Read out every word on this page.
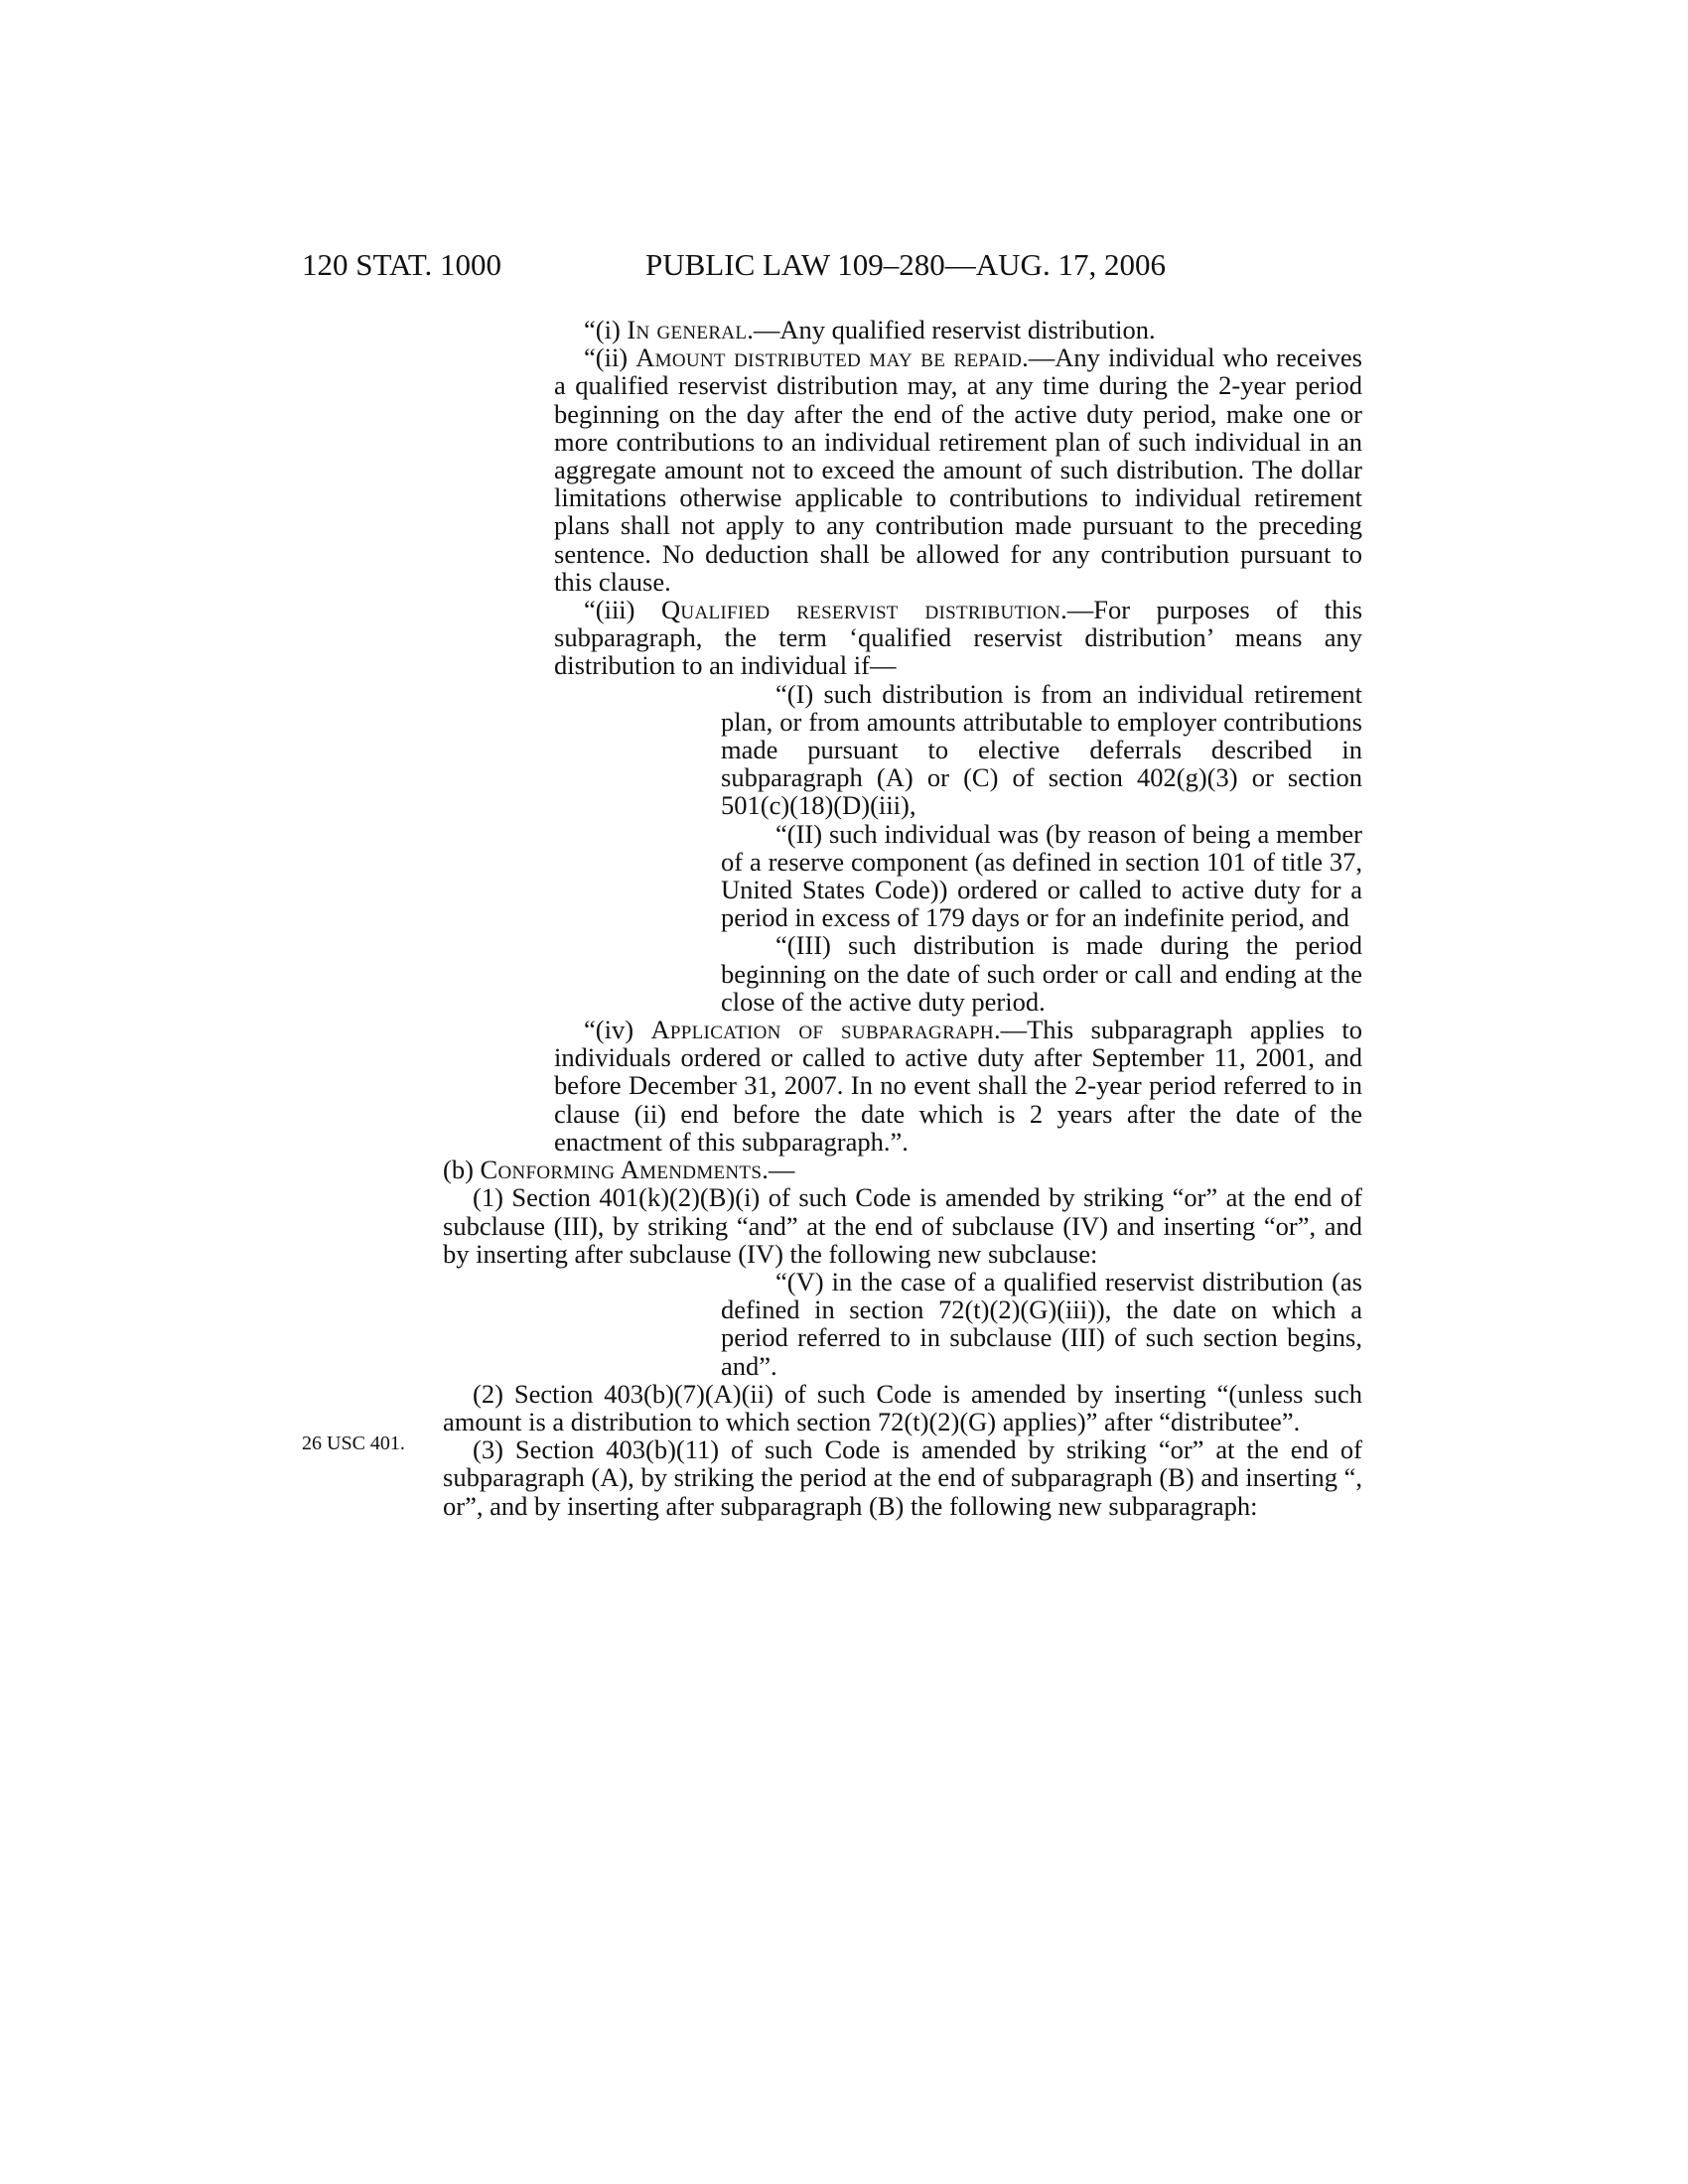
120 STAT. 1000	PUBLIC LAW 109–280—AUG. 17, 2006
26 USC 401.

“(i) In general.—Any qualified reservist distribution.

“(ii) Amount distributed may be repaid.—Any individual who receives a qualified reservist distribution may, at any time during the 2-year period beginning on the day after the end of the active duty period, make one or more contributions to an individual retirement plan of such individual in an aggregate amount not to exceed the amount of such distribution. The dollar limitations otherwise applicable to contributions to individual retirement plans shall not apply to any contribution made pursuant to the preceding sentence. No deduction shall be allowed for any contribution pursuant to this clause.

“(iii) Qualified reservist distribution.—For purposes of this subparagraph, the term ‘qualified reservist distribution’ means any distribution to an individual if—

“(I) such distribution is from an individual retirement plan, or from amounts attributable to employer contributions made pursuant to elective deferrals described in subparagraph (A) or (C) of section 402(g)(3) or section 501(c)(18)(D)(iii),

“(II) such individual was (by reason of being a member of a reserve component (as defined in section 101 of title 37, United States Code)) ordered or called to active duty for a period in excess of 179 days or for an indefinite period, and

“(III) such distribution is made during the period beginning on the date of such order or call and ending at the close of the active duty period.

“(iv) Application of subparagraph.—This subparagraph applies to individuals ordered or called to active duty after September 11, 2001, and before December 31, 2007. In no event shall the 2-year period referred to in clause (ii) end before the date which is 2 years after the date of the enactment of this subparagraph.”.

(b) Conforming Amendments.—

(1) Section 401(k)(2)(B)(i) of such Code is amended by striking “or” at the end of subclause (III), by striking “and” at the end of subclause (IV) and inserting “or”, and by inserting after subclause (IV) the following new subclause:

“(V) in the case of a qualified reservist distribution (as defined in section 72(t)(2)(G)(iii)), the date on which a period referred to in subclause (III) of such section begins, and”.

(2) Section 403(b)(7)(A)(ii) of such Code is amended by inserting “(unless such amount is a distribution to which section 72(t)(2)(G) applies)” after “distributee”.

(3) Section 403(b)(11) of such Code is amended by striking “or” at the end of subparagraph (A), by striking the period at the end of subparagraph (B) and inserting “, or”, and by inserting after subparagraph (B) the following new subparagraph:
